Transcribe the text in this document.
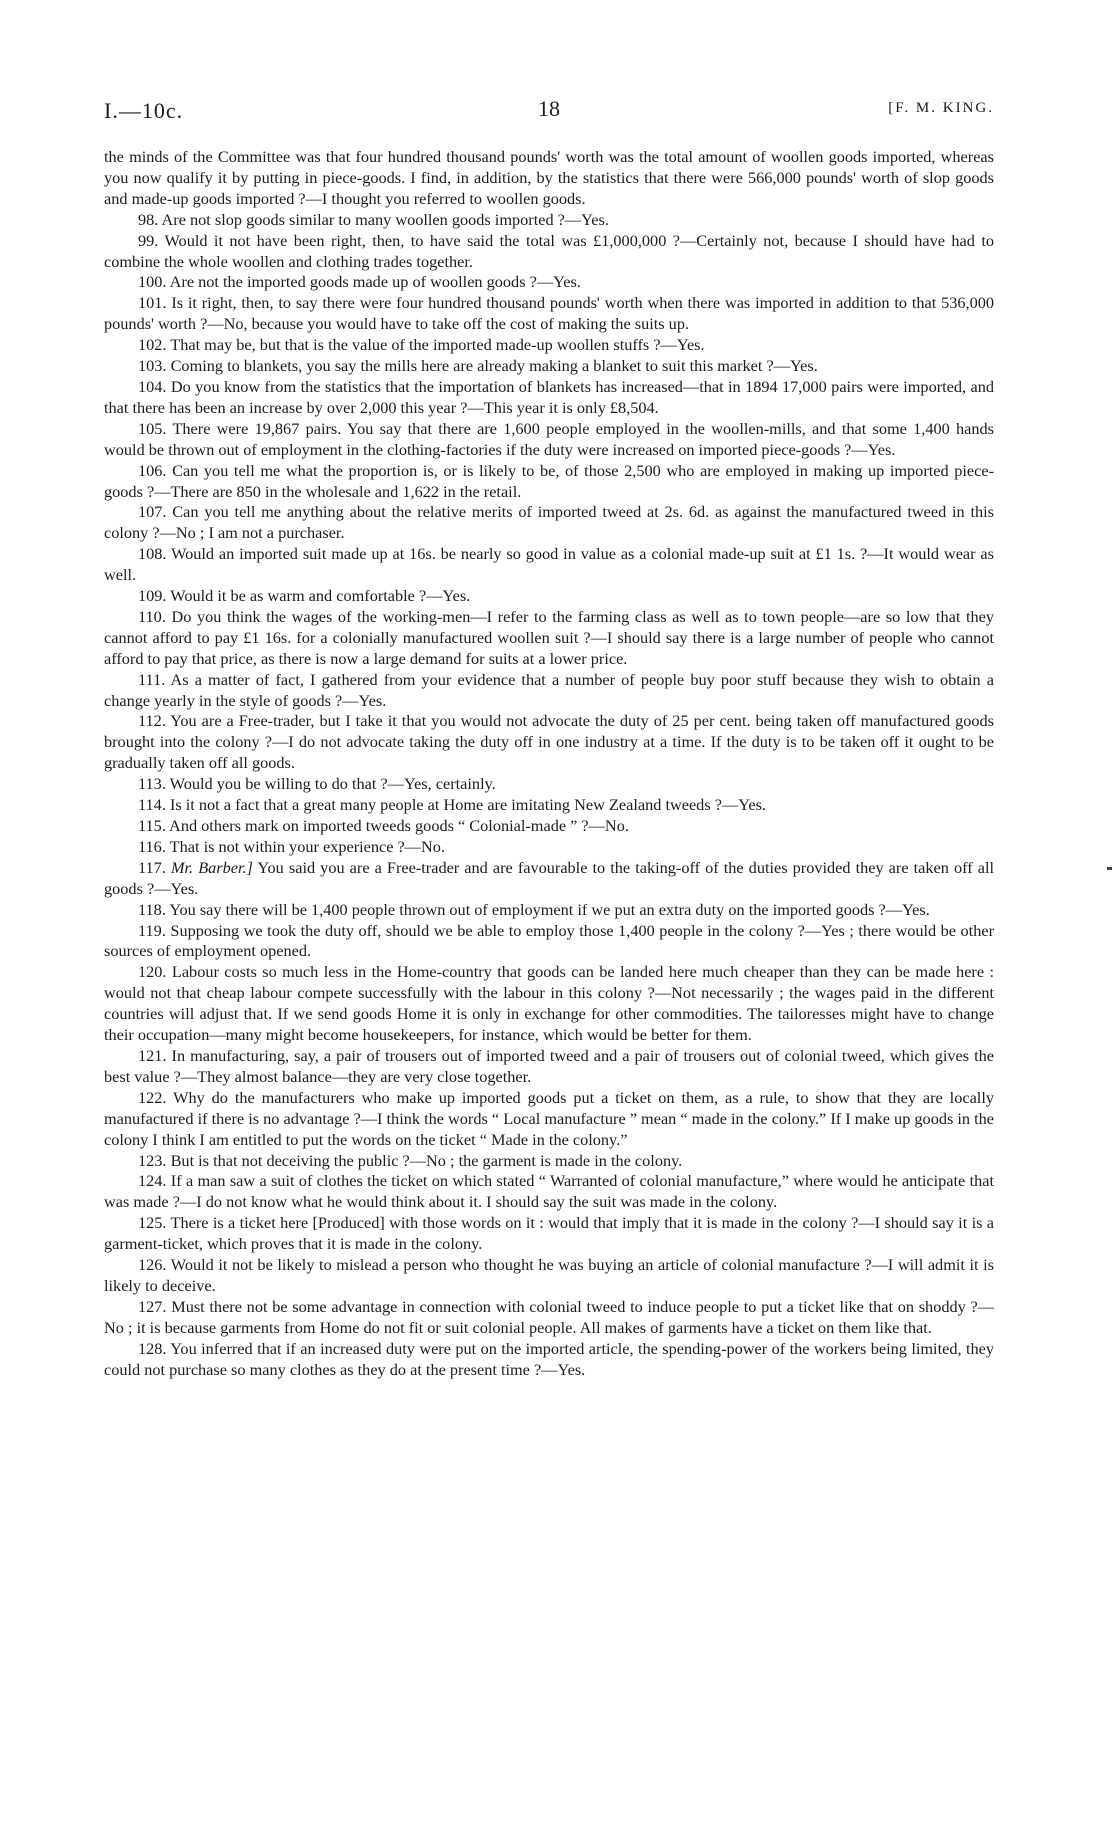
I.—10c.	18	[F. M. KING.

the minds of the Committee was that four hundred thousand pounds' worth was the total amount of woollen goods imported, whereas you now qualify it by putting in piece-goods. I find, in addition, by the statistics that there were 566,000 pounds' worth of slop goods and made-up goods imported ?—I thought you referred to woollen goods.

98. Are not slop goods similar to many woollen goods imported ?—Yes.

99. Would it not have been right, then, to have said the total was £1,000,000 ?—Certainly not, because I should have had to combine the whole woollen and clothing trades together.

100. Are not the imported goods made up of woollen goods ?—Yes.

101. Is it right, then, to say there were four hundred thousand pounds' worth when there was imported in addition to that 536,000 pounds' worth ?—No, because you would have to take off the cost of making the suits up.

102. That may be, but that is the value of the imported made-up woollen stuffs ?—Yes.

103. Coming to blankets, you say the mills here are already making a blanket to suit this market ?—Yes.

104. Do you know from the statistics that the importation of blankets has increased—that in 1894 17,000 pairs were imported, and that there has been an increase by over 2,000 this year ?—This year it is only £8,504.

105. There were 19,867 pairs. You say that there are 1,600 people employed in the woollen-mills, and that some 1,400 hands would be thrown out of employment in the clothing-factories if the duty were increased on imported piece-goods ?—Yes.

106. Can you tell me what the proportion is, or is likely to be, of those 2,500 who are employed in making up imported piece-goods ?—There are 850 in the wholesale and 1,622 in the retail.

107. Can you tell me anything about the relative merits of imported tweed at 2s. 6d. as against the manufactured tweed in this colony ?—No ; I am not a purchaser.

108. Would an imported suit made up at 16s. be nearly so good in value as a colonial made-up suit at £1 1s. ?—It would wear as well.

109. Would it be as warm and comfortable ?—Yes.

110. Do you think the wages of the working-men—I refer to the farming class as well as to town people—are so low that they cannot afford to pay £1 16s. for a colonially manufactured woollen suit ?—I should say there is a large number of people who cannot afford to pay that price, as there is now a large demand for suits at a lower price.

111. As a matter of fact, I gathered from your evidence that a number of people buy poor stuff because they wish to obtain a change yearly in the style of goods ?—Yes.

112. You are a Free-trader, but I take it that you would not advocate the duty of 25 per cent. being taken off manufactured goods brought into the colony ?—I do not advocate taking the duty off in one industry at a time. If the duty is to be taken off it ought to be gradually taken off all goods.

113. Would you be willing to do that ?—Yes, certainly.

114. Is it not a fact that a great many people at Home are imitating New Zealand tweeds ?—Yes.

115. And others mark on imported tweeds goods “ Colonial-made ” ?—No.

116. That is not within your experience ?—No.

117. Mr. Barber.] You said you are a Free-trader and are favourable to the taking-off of the duties provided they are taken off all goods ?—Yes.

118. You say there will be 1,400 people thrown out of employment if we put an extra duty on the imported goods ?—Yes.

119. Supposing we took the duty off, should we be able to employ those 1,400 people in the colony ?—Yes ; there would be other sources of employment opened.

120. Labour costs so much less in the Home-country that goods can be landed here much cheaper than they can be made here : would not that cheap labour compete successfully with the labour in this colony ?—Not necessarily ; the wages paid in the different countries will adjust that. If we send goods Home it is only in exchange for other commodities. The tailoresses might have to change their occupation—many might become housekeepers, for instance, which would be better for them.

121. In manufacturing, say, a pair of trousers out of imported tweed and a pair of trousers out of colonial tweed, which gives the best value ?—They almost balance—they are very close together.

122. Why do the manufacturers who make up imported goods put a ticket on them, as a rule, to show that they are locally manufactured if there is no advantage ?—I think the words “ Local manufacture ” mean “ made in the colony.” If I make up goods in the colony I think I am entitled to put the words on the ticket “ Made in the colony.”

123. But is that not deceiving the public ?—No ; the garment is made in the colony.

124. If a man saw a suit of clothes the ticket on which stated “ Warranted of colonial manufacture,” where would he anticipate that was made ?—I do not know what he would think about it. I should say the suit was made in the colony.

125. There is a ticket here [Produced] with those words on it : would that imply that it is made in the colony ?—I should say it is a garment-ticket, which proves that it is made in the colony.

126. Would it not be likely to mislead a person who thought he was buying an article of colonial manufacture ?—I will admit it is likely to deceive.

127. Must there not be some advantage in connection with colonial tweed to induce people to put a ticket like that on shoddy ?—No ; it is because garments from Home do not fit or suit colonial people. All makes of garments have a ticket on them like that.

128. You inferred that if an increased duty were put on the imported article, the spending-power of the workers being limited, they could not purchase so many clothes as they do at the present time ?—Yes.
